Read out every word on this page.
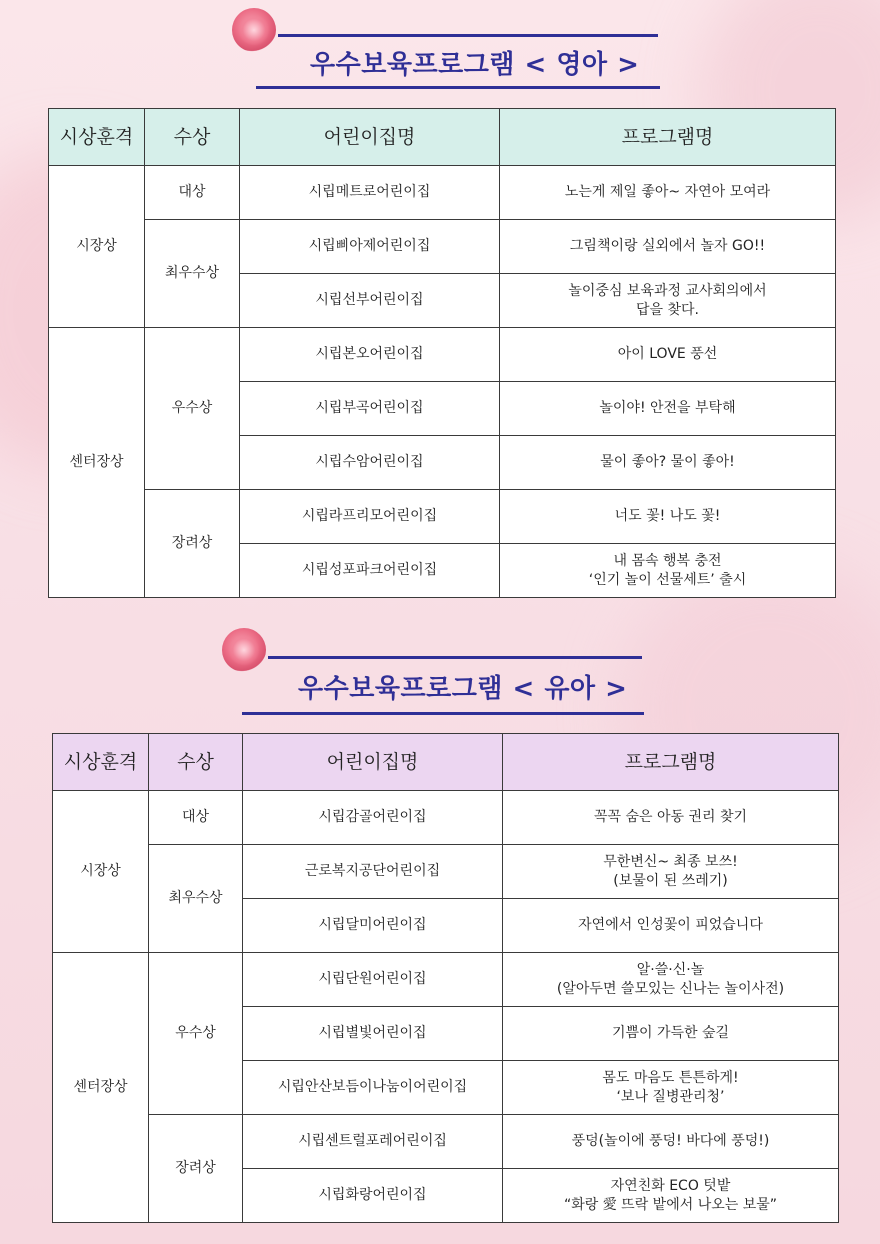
우수보육프로그램 < 영아 >
시상훈격	수상	어린이집명	프로그램명
시장상	대상	시립메트로어린이집	노는게 제일 좋아~ 자연아 모여라
	최우수상	시립삐아제어린이집	그림책이랑 실외에서 놀자 GO!!
		시립선부어린이집	놀이중심 보육과정 교사회의에서
답을 찾다.
센터장상	우수상	시립본오어린이집	아이 LOVE 풍선
		시립부곡어린이집	놀이야! 안전을 부탁해
		시립수암어린이집	물이 좋아? 물이 좋아!
	장려상	시립라프리모어린이집	너도 꽃! 나도 꽃!
		시립성포파크어린이집	내 몸속 행복 충전
‘인기 놀이 선물세트’ 출시
우수보육프로그램 < 유아 >
시상훈격	수상	어린이집명	프로그램명
시장상	대상	시립감골어린이집	꼭꼭 숨은 아동 권리 찾기
	최우수상	근로복지공단어린이집	무한변신~ 최종 보쓰!
(보물이 된 쓰레기)
		시립달미어린이집	자연에서 인성꽃이 피었습니다
센터장상	우수상	시립단원어린이집	알·쓸·신·놀
(알아두면 쓸모있는 신나는 놀이사전)
		시립별빛어린이집	기쁨이 가득한 숲길
		시립안산보듬이나눔이어린이집	몸도 마음도 튼튼하게!
‘보나 질병관리청’
	장려상	시립센트럴포레어린이집	풍덩(놀이에 풍덩! 바다에 풍덩!)
		시립화랑어린이집	자연친화 ECO 텃밭
“화랑 愛 뜨락 밭에서 나오는 보물”
